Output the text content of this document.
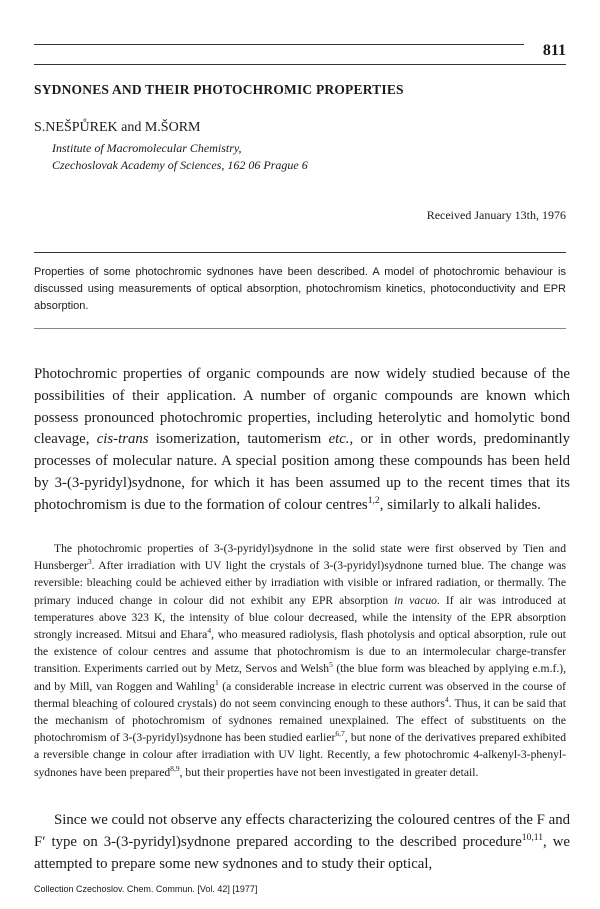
811
SYDNONES AND THEIR PHOTOCHROMIC PROPERTIES
S.NEŠPŮREK and M.ŠORM
Institute of Macromolecular Chemistry,
Czechoslovak Academy of Sciences, 162 06 Prague 6
Received January 13th, 1976

Properties of some photochromic sydnones have been described. A model of photochromic behaviour is discussed using measurements of optical absorption, photochromism kinetics, photoconductivity and EPR absorption.

Photochromic properties of organic compounds are now widely studied because of the possibilities of their application. A number of organic compounds are known which possess pronounced photochromic properties, including heterolytic and homolytic bond cleavage, cis-trans isomerization, tautomerism etc., or in other words, predominantly processes of molecular nature. A special position among these compounds has been held by 3-(3-pyridyl)sydnone, for which it has been assumed up to the recent times that its photochromism is due to the formation of colour centres$^{1,2}$, similarly to alkali halides.

The photochromic properties of 3-(3-pyridyl)sydnone in the solid state were first observed by Tien and Hunsberger$^3$. After irradiation with UV light the crystals of 3-(3-pyridyl)sydnone turned blue. The change was reversible: bleaching could be achieved either by irradiation with visible or infrared radiation, or thermally. The primary induced change in colour did not exhibit any EPR absorption in vacuo. If air was introduced at temperatures above 323 K, the intensity of blue colour decreased, while the intensity of the EPR absorption strongly increased. Mitsui and Ehara$^4$, who measured radiolysis, flash photolysis and optical absorption, rule out the existence of colour centres and assume that photochromism is due to an intermolecular charge-transfer transition. Experiments carried out by Metz, Servos and Welsh$^5$ (the blue form was bleached by applying e.m.f.), and by Mill, van Roggen and Wahling$^1$ (a considerable increase in electric current was observed in the course of thermal bleaching of coloured crystals) do not seem convincing enough to these authors$^4$. Thus, it can be said that the mechanism of photochromism of sydnones remained unexplained. The effect of substituents on the photochromism of 3-(3-pyridyl)sydnone has been studied earlier$^{6,7}$, but none of the derivatives prepared exhibited a reversible change in colour after irradiation with UV light. Recently, a few photochromic 4-alkenyl-3-phenyl-sydnones have been prepared$^{8,9}$, but their properties have not been investigated in greater detail.

Since we could not observe any effects characterizing the coloured centres of the F and F′ type on 3-(3-pyridyl)sydnone prepared according to the described procedure$^{10,11}$, we attempted to prepare some new sydnones and to study their optical,

Collection Czechoslov. Chem. Commun. [Vol. 42] [1977]
